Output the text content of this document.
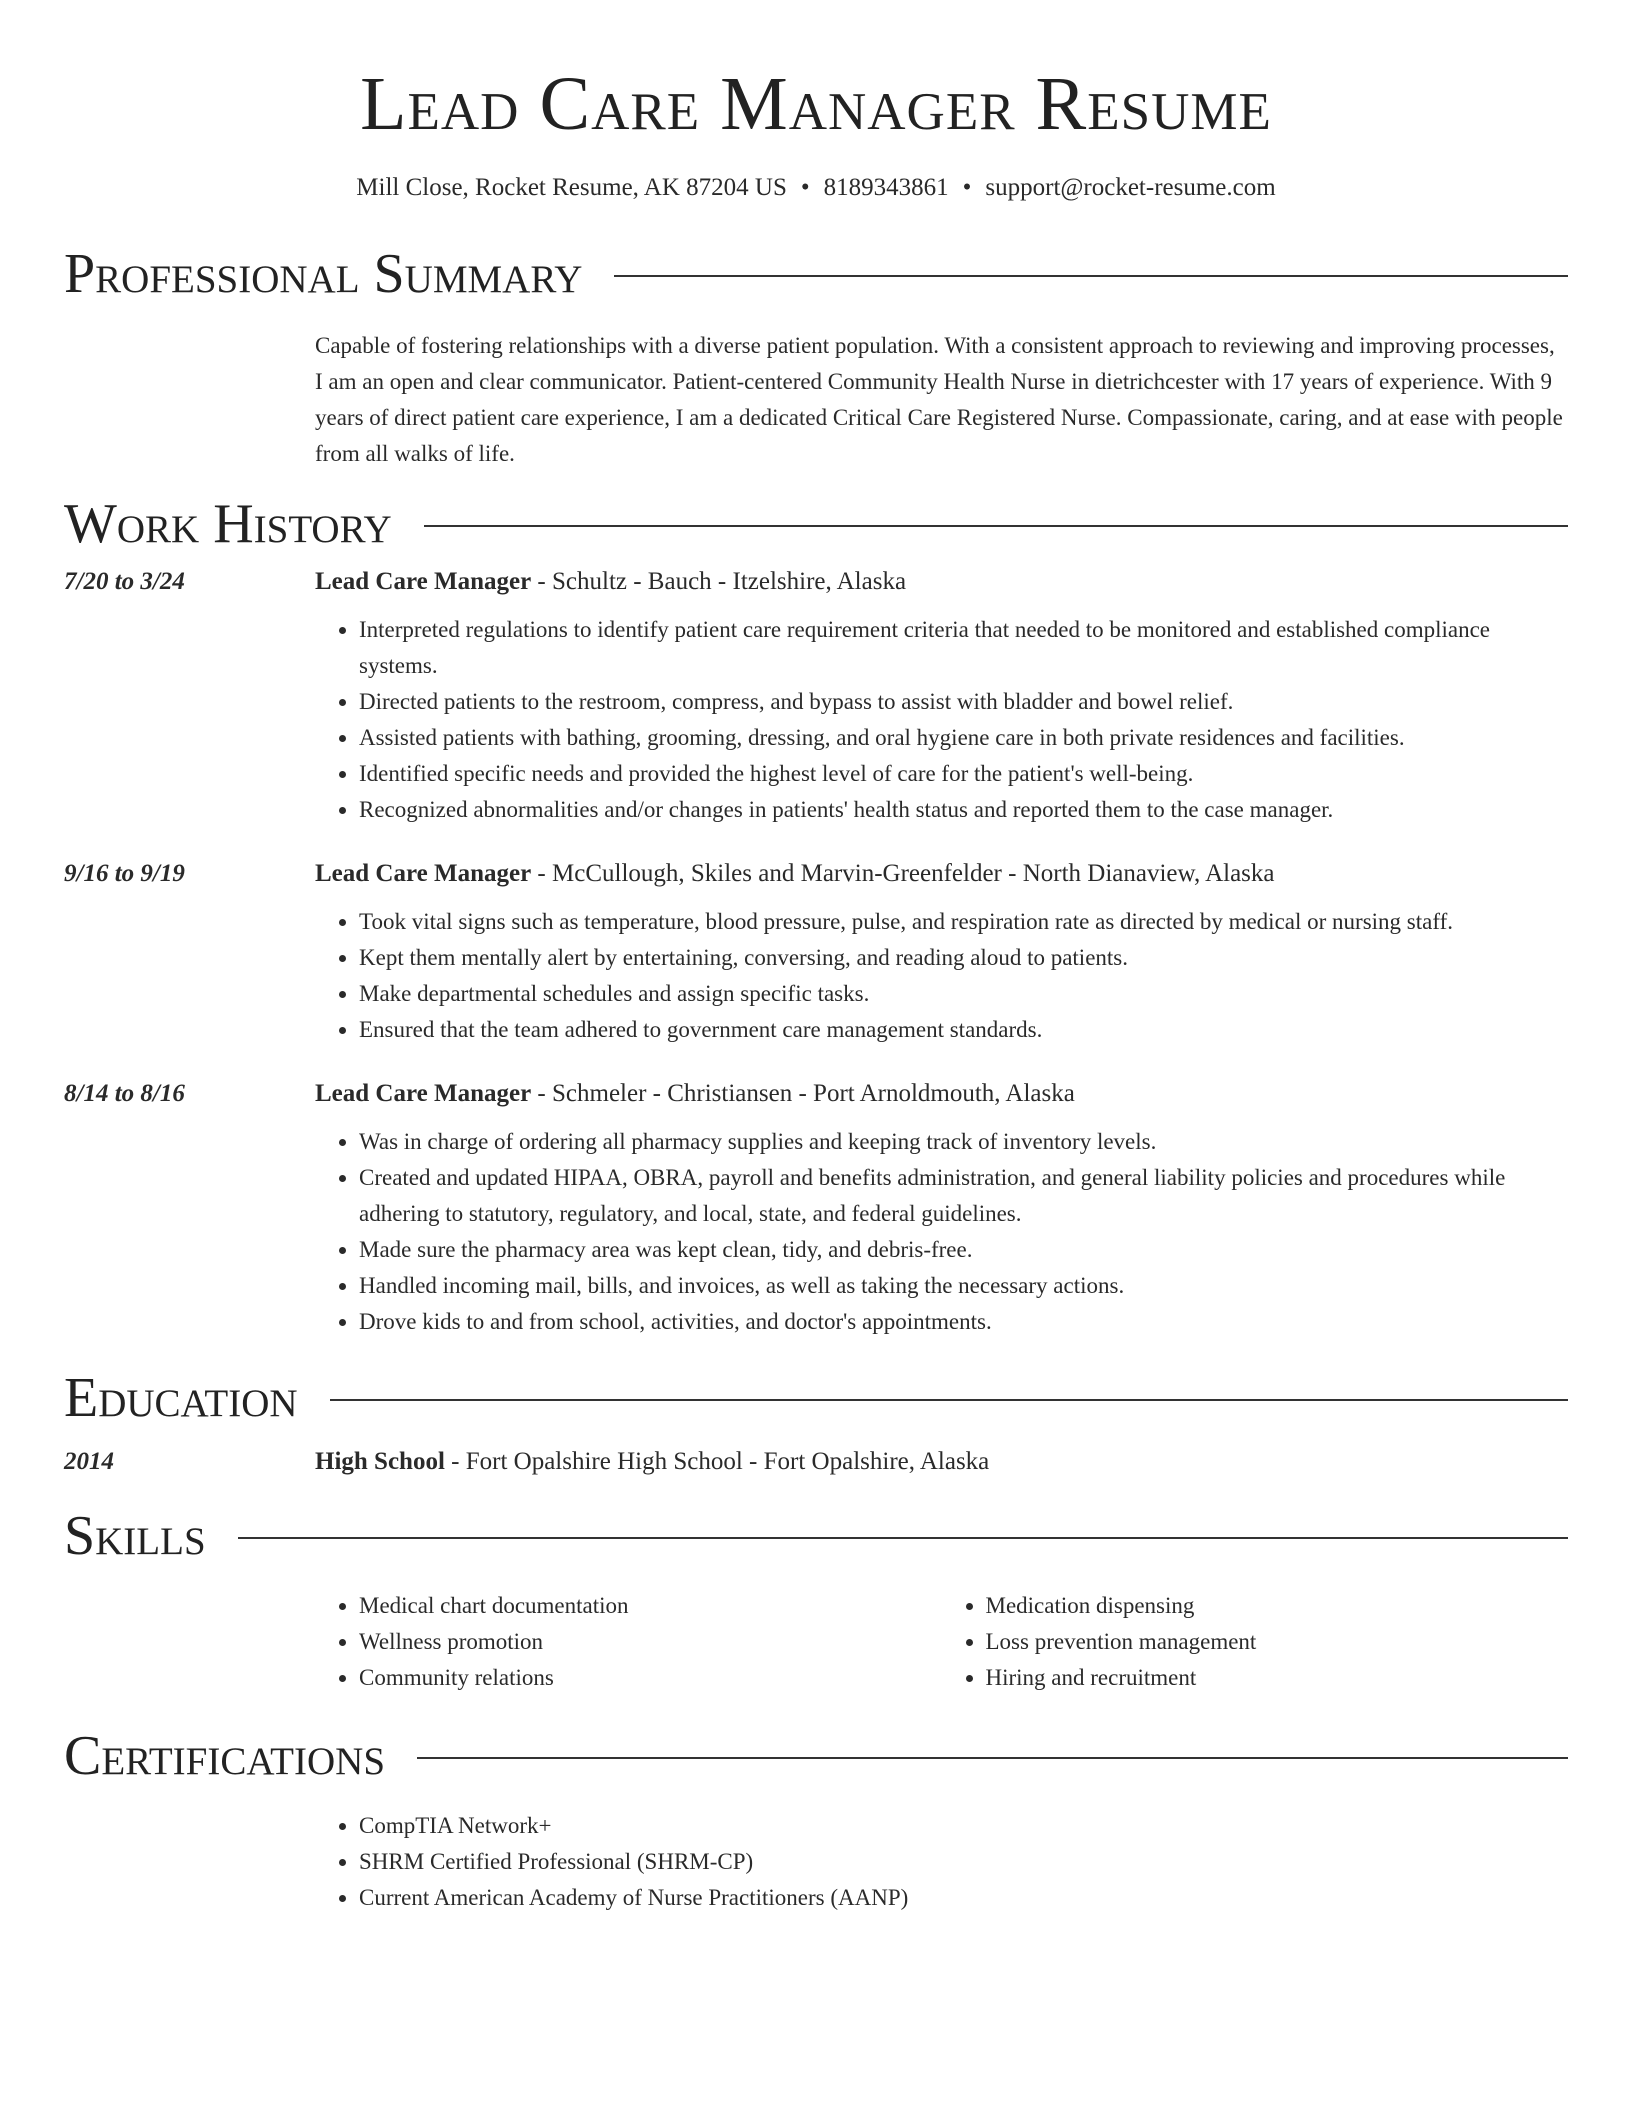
Lead Care Manager Resume
Mill Close, Rocket Resume, AK 87204 US • 8189343861 • support@rocket-resume.com
Professional Summary

Capable of fostering relationships with a diverse patient population. With a consistent approach to reviewing and improving processes, I am an open and clear communicator. Patient-centered Community Health Nurse in dietrichcester with 17 years of experience. With 9 years of direct patient care experience, I am a dedicated Critical Care Registered Nurse. Compassionate, caring, and at ease with people from all walks of life.

Work History
7/20 to 3/24	Lead Care Manager - Schultz - Bauch - Itzelshire, Alaska
• Interpreted regulations to identify patient care requirement criteria that needed to be monitored and established compliance systems.
• Directed patients to the restroom, compress, and bypass to assist with bladder and bowel relief.
• Assisted patients with bathing, grooming, dressing, and oral hygiene care in both private residences and facilities.
• Identified specific needs and provided the highest level of care for the patient's well-being.
• Recognized abnormalities and/or changes in patients' health status and reported them to the case manager.
9/16 to 9/19	Lead Care Manager - McCullough, Skiles and Marvin-Greenfelder - North Dianaview, Alaska
• Took vital signs such as temperature, blood pressure, pulse, and respiration rate as directed by medical or nursing staff.
• Kept them mentally alert by entertaining, conversing, and reading aloud to patients.
• Make departmental schedules and assign specific tasks.
• Ensured that the team adhered to government care management standards.
8/14 to 8/16	Lead Care Manager - Schmeler - Christiansen - Port Arnoldmouth, Alaska
• Was in charge of ordering all pharmacy supplies and keeping track of inventory levels.
• Created and updated HIPAA, OBRA, payroll and benefits administration, and general liability policies and procedures while adhering to statutory, regulatory, and local, state, and federal guidelines.
• Made sure the pharmacy area was kept clean, tidy, and debris-free.
• Handled incoming mail, bills, and invoices, as well as taking the necessary actions.
• Drove kids to and from school, activities, and doctor's appointments.
Education
2014	High School - Fort Opalshire High School - Fort Opalshire, Alaska
Skills
• Medical chart documentation
• Wellness promotion
• Community relations
• Medication dispensing
• Loss prevention management
• Hiring and recruitment
Certifications
• CompTIA Network+
• SHRM Certified Professional (SHRM-CP)
• Current American Academy of Nurse Practitioners (AANP)
